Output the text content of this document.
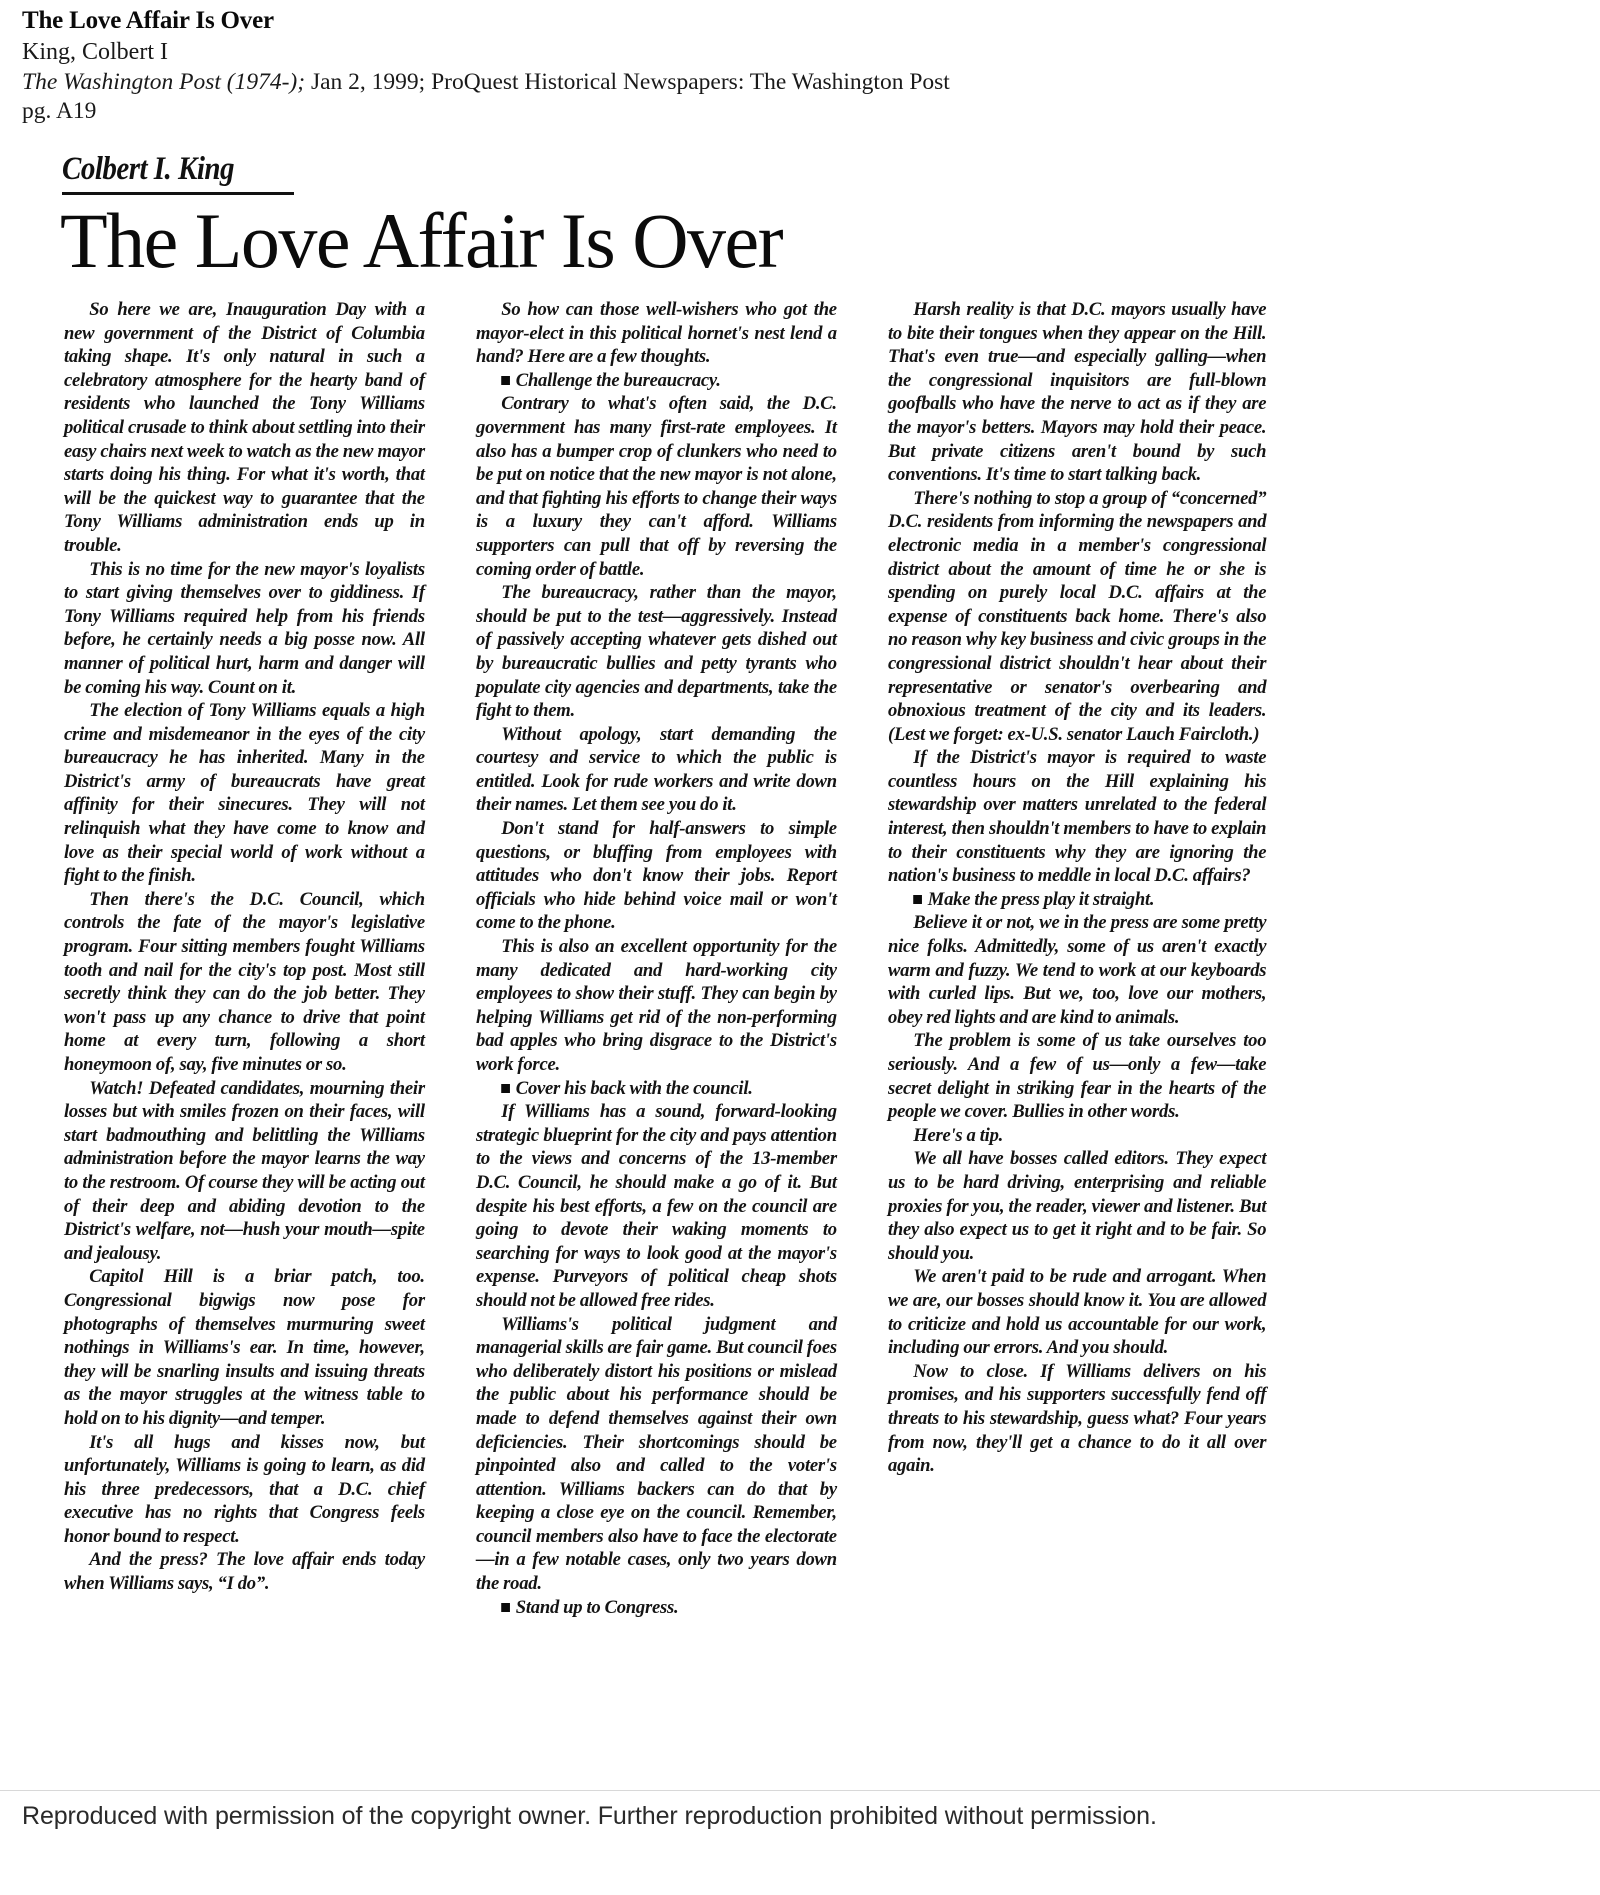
The Love Affair Is Over
King, Colbert I
The Washington Post (1974-); Jan 2, 1999; ProQuest Historical Newspapers: The Washington Post
pg. A19
Colbert I. King
The Love Affair Is Over

So here we are, Inauguration Day with a new government of the District of Columbia taking shape. It's only natural in such a celebratory atmosphere for the hearty band of residents who launched the Tony Williams political crusade to think about settling into their easy chairs next week to watch as the new mayor starts doing his thing. For what it's worth, that will be the quickest way to guarantee that the Tony Williams administration ends up in trouble.

This is no time for the new mayor's loyalists to start giving themselves over to giddiness. If Tony Williams required help from his friends before, he certainly needs a big posse now. All manner of political hurt, harm and danger will be coming his way. Count on it.

The election of Tony Williams equals a high crime and misdemeanor in the eyes of the city bureaucracy he has inherited. Many in the District's army of bureaucrats have great affinity for their sinecures. They will not relinquish what they have come to know and love as their special world of work without a fight to the finish.

Then there's the D.C. Council, which controls the fate of the mayor's legislative program. Four sitting members fought Williams tooth and nail for the city's top post. Most still secretly think they can do the job better. They won't pass up any chance to drive that point home at every turn, following a short honeymoon of, say, five minutes or so.

Watch! Defeated candidates, mourning their losses but with smiles frozen on their faces, will start badmouthing and belittling the Williams administration before the mayor learns the way to the restroom. Of course they will be acting out of their deep and abiding devotion to the District's welfare, not—hush your mouth—spite and jealousy.

Capitol Hill is a briar patch, too. Congressional bigwigs now pose for photographs of themselves murmuring sweet nothings in Williams's ear. In time, however, they will be snarling insults and issuing threats as the mayor struggles at the witness table to hold on to his dignity—and temper.

It's all hugs and kisses now, but unfortunately, Williams is going to learn, as did his three predecessors, that a D.C. chief executive has no rights that Congress feels honor bound to respect.

And the press? The love affair ends today when Williams says, “I do”.

So how can those well-wishers who got the mayor-elect in this political hornet's nest lend a hand? Here are a few thoughts.

Challenge the bureaucracy.

Contrary to what's often said, the D.C. government has many first-rate employees. It also has a bumper crop of clunkers who need to be put on notice that the new mayor is not alone, and that fighting his efforts to change their ways is a luxury they can't afford. Williams supporters can pull that off by reversing the coming order of battle.

The bureaucracy, rather than the mayor, should be put to the test—aggressively. Instead of passively accepting whatever gets dished out by bureaucratic bullies and petty tyrants who populate city agencies and departments, take the fight to them.

Without apology, start demanding the courtesy and service to which the public is entitled. Look for rude workers and write down their names. Let them see you do it.

Don't stand for half-answers to simple questions, or bluffing from employees with attitudes who don't know their jobs. Report officials who hide behind voice mail or won't come to the phone.

This is also an excellent opportunity for the many dedicated and hard-working city employees to show their stuff. They can begin by helping Williams get rid of the non-performing bad apples who bring disgrace to the District's work force.

Cover his back with the council.

If Williams has a sound, forward-looking strategic blueprint for the city and pays attention to the views and concerns of the 13-member D.C. Council, he should make a go of it. But despite his best efforts, a few on the council are going to devote their waking moments to searching for ways to look good at the mayor's expense. Purveyors of political cheap shots should not be allowed free rides.

Williams's political judgment and managerial skills are fair game. But council foes who deliberately distort his positions or mislead the public about his performance should be made to defend themselves against their own deficiencies. Their shortcomings should be pinpointed also and called to the voter's attention. Williams backers can do that by keeping a close eye on the council. Remember, council members also have to face the electorate—in a few notable cases, only two years down the road.

Stand up to Congress.

Harsh reality is that D.C. mayors usually have to bite their tongues when they appear on the Hill. That's even true—and especially galling—when the congressional inquisitors are full-blown goofballs who have the nerve to act as if they are the mayor's betters. Mayors may hold their peace. But private citizens aren't bound by such conventions. It's time to start talking back.

There's nothing to stop a group of “concerned” D.C. residents from informing the newspapers and electronic media in a member's congressional district about the amount of time he or she is spending on purely local D.C. affairs at the expense of constituents back home. There's also no reason why key business and civic groups in the congressional district shouldn't hear about their representative or senator's overbearing and obnoxious treatment of the city and its leaders. (Lest we forget: ex-U.S. senator Lauch Faircloth.)

If the District's mayor is required to waste countless hours on the Hill explaining his stewardship over matters unrelated to the federal interest, then shouldn't members to have to explain to their constituents why they are ignoring the nation's business to meddle in local D.C. affairs?

Make the press play it straight.

Believe it or not, we in the press are some pretty nice folks. Admittedly, some of us aren't exactly warm and fuzzy. We tend to work at our keyboards with curled lips. But we, too, love our mothers, obey red lights and are kind to animals.

The problem is some of us take ourselves too seriously. And a few of us—only a few—take secret delight in striking fear in the hearts of the people we cover. Bullies in other words.

Here's a tip.

We all have bosses called editors. They expect us to be hard driving, enterprising and reliable proxies for you, the reader, viewer and listener. But they also expect us to get it right and to be fair. So should you.

We aren't paid to be rude and arrogant. When we are, our bosses should know it. You are allowed to criticize and hold us accountable for our work, including our errors. And you should.

Now to close. If Williams delivers on his promises, and his supporters successfully fend off threats to his stewardship, guess what? Four years from now, they'll get a chance to do it all over again.

Reproduced with permission of the copyright owner. Further reproduction prohibited without permission.
